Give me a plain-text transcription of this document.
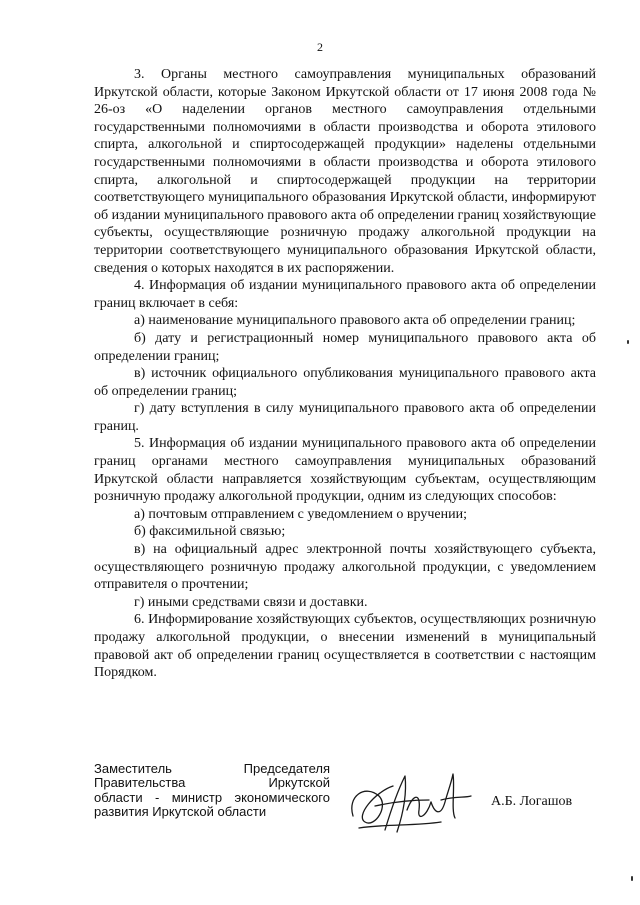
2

3. Органы местного самоуправления муниципальных образований Иркутской области, которые Законом Иркутской области от 17 июня 2008 года № 26-оз «О наделении органов местного самоуправления отдельными государственными полномочиями в области производства и оборота этилового спирта, алкогольной и спиртосодержащей продукции» наделены отдельными государственными полномочиями в области производства и оборота этилового спирта, алкогольной и спиртосодержащей продукции на территории соответствующего муниципального образования Иркутской области, информируют об издании муниципального правового акта об определении границ хозяйствующие субъекты, осуществляющие розничную продажу алкогольной продукции на территории соответствующего муниципального образования Иркутской области, сведения о которых находятся в их распоряжении.

4. Информация об издании муниципального правового акта об определении границ включает в себя:

а) наименование муниципального правового акта об определении границ;

б) дату и регистрационный номер муниципального правового акта об определении границ;

в) источник официального опубликования муниципального правового акта об определении границ;

г) дату вступления в силу муниципального правового акта об определении границ.

5. Информация об издании муниципального правового акта об определении границ органами местного самоуправления муниципальных образований Иркутской области направляется хозяйствующим субъектам, осуществляющим розничную продажу алкогольной продукции, одним из следующих способов:

а) почтовым отправлением с уведомлением о вручении;

б) факсимильной связью;

в) на официальный адрес электронной почты хозяйствующего субъекта, осуществляющего розничную продажу алкогольной продукции, с уведомлением отправителя о прочтении;

г) иными средствами связи и доставки.

6. Информирование хозяйствующих субъектов, осуществляющих розничную продажу алкогольной продукции, о внесении изменений в муниципальный правовой акт об определении границ осуществляется в соответствии с настоящим Порядком.

Заместитель Председателя
Правительства Иркутской
области - министр экономического
развития Иркутской области
А.Б. Логашов
